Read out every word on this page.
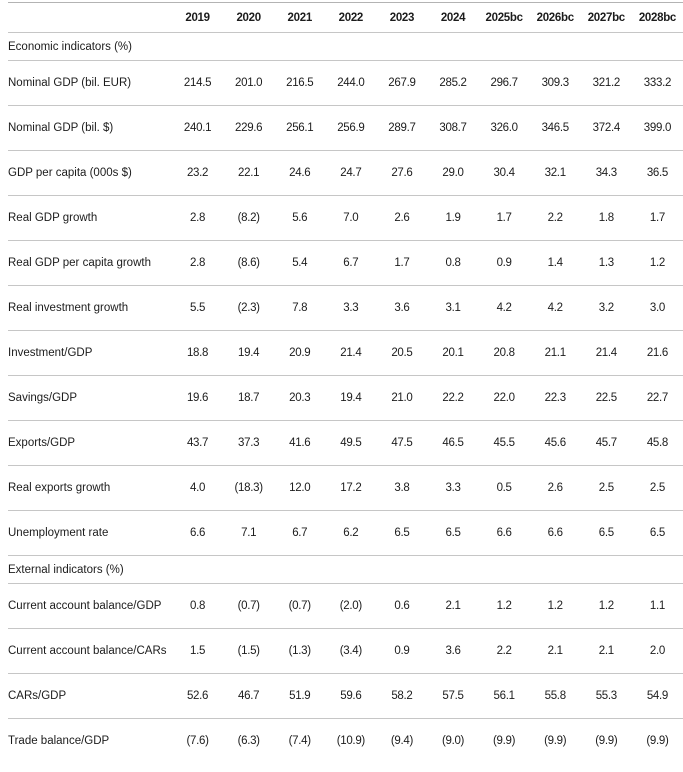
	2019	2020	2021	2022	2023	2024	2025bc	2026bc	2027bc	2028bc
Economic indicators (%)										
Nominal GDP (bil. EUR)	214.5	201.0	216.5	244.0	267.9	285.2	296.7	309.3	321.2	333.2
Nominal GDP (bil. $)	240.1	229.6	256.1	256.9	289.7	308.7	326.0	346.5	372.4	399.0
GDP per capita (000s $)	23.2	22.1	24.6	24.7	27.6	29.0	30.4	32.1	34.3	36.5
Real GDP growth	2.8	(8.2)	5.6	7.0	2.6	1.9	1.7	2.2	1.8	1.7
Real GDP per capita growth	2.8	(8.6)	5.4	6.7	1.7	0.8	0.9	1.4	1.3	1.2
Real investment growth	5.5	(2.3)	7.8	3.3	3.6	3.1	4.2	4.2	3.2	3.0
Investment/GDP	18.8	19.4	20.9	21.4	20.5	20.1	20.8	21.1	21.4	21.6
Savings/GDP	19.6	18.7	20.3	19.4	21.0	22.2	22.0	22.3	22.5	22.7
Exports/GDP	43.7	37.3	41.6	49.5	47.5	46.5	45.5	45.6	45.7	45.8
Real exports growth	4.0	(18.3)	12.0	17.2	3.8	3.3	0.5	2.6	2.5	2.5
Unemployment rate	6.6	7.1	6.7	6.2	6.5	6.5	6.6	6.6	6.5	6.5
External indicators (%)										
Current account balance/GDP	0.8	(0.7)	(0.7)	(2.0)	0.6	2.1	1.2	1.2	1.2	1.1
Current account balance/CARs	1.5	(1.5)	(1.3)	(3.4)	0.9	3.6	2.2	2.1	2.1	2.0
CARs/GDP	52.6	46.7	51.9	59.6	58.2	57.5	56.1	55.8	55.3	54.9
Trade balance/GDP	(7.6)	(6.3)	(7.4)	(10.9)	(9.4)	(9.0)	(9.9)	(9.9)	(9.9)	(9.9)
